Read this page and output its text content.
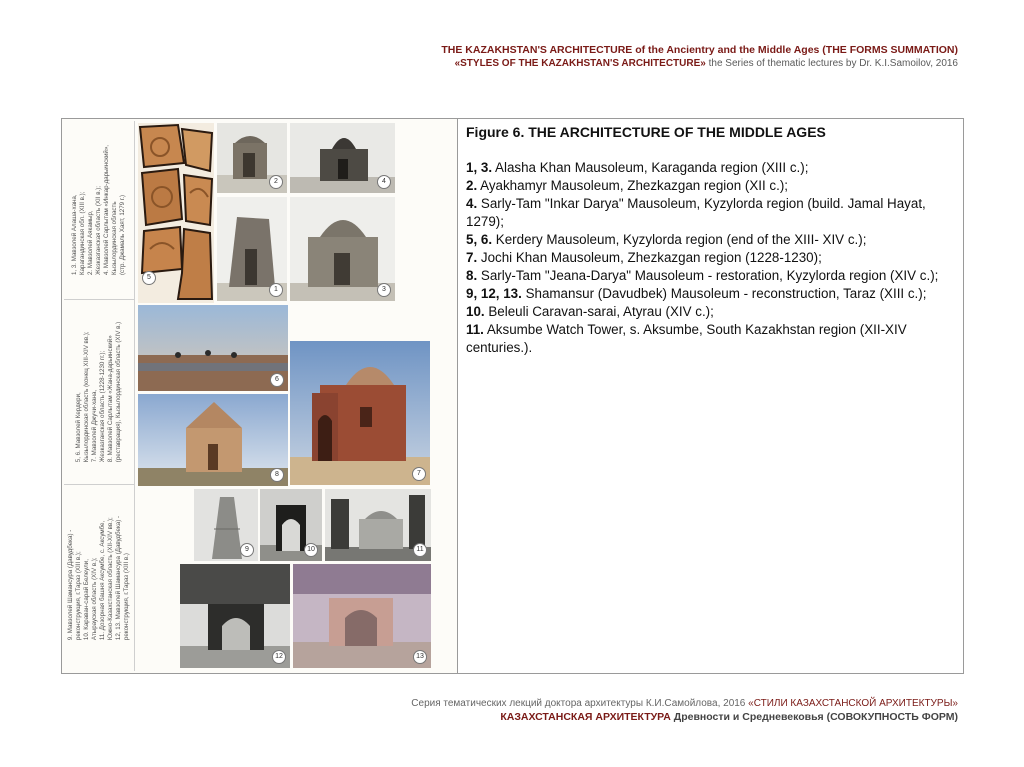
THE KAZAKHSTAN'S ARCHITECTURE of the Ancientry and the Middle Ages (THE FORMS SUMMATION)
«STYLES OF THE KAZAKHSTAN'S ARCHITECTURE» the Series of thematic lectures by Dr. K.I.Samoilov, 2016
1, 3. Мавзолей Алаша-хана,
Карагандинская обл. (XIII в.);
2. Мавзолей Аякамыр,
Жезказганская область (XII в.);
4. Мавзолей Сарлытам «Инкар-дарьинский»,
Кызылординская область
(стр. Джамаль Хаят, 1279 г.)
5, 6. Мавзолей Кердери,
Кызылординская область (конец XIII-XIV вв.);
7. Мавзолей Джучи-хана,
Жезказганская область (1228-1230 гг.);
8. Мавзолей Сарлытам «Жана-дарьинский»
(реставрация), Кызылординская область (XIV в.)
9. Мавзолей Шаманcура (Давудбека) -
реконструкция, г.Тараз (XIII в.);
10. Караван-сарай Белеули,
Атырауская область (XIV в.);
11. Дозорная башня Аксумбе, с. Аксумбе,
Южно-Казахстанская область (XII-XIV вв.);
12, 13. Мавзолей Шаманcура (Давудбека) -
реконструкция, г.Тараз (XIII в.)
5
2	4
1	3
6
7
8
9	10	11
12	13
Figure 6. THE ARCHITECTURE OF THE MIDDLE AGES
1, 3. Alasha Khan Mausoleum, Karaganda region (XIII c.);
2. Ayakhamyr Mausoleum, Zhezkazgan region (XII c.);
4. Sarly-Tam "Inkar Darya" Mausoleum, Kyzylorda region (build. Jamal Hayat, 1279);
5, 6. Kerdery Mausoleum, Kyzylorda region (end of the XIII- XIV c.);
7. Jochi Khan Mausoleum, Zhezkazgan region (1228-1230);
8. Sarly-Tam "Jeana-Darya" Mausoleum - restoration, Kyzylorda region (XIV c.);
9, 12, 13. Shamansur (Davudbek) Mausoleum - reconstruction, Taraz (XIII c.);
10. Beleuli Caravan-sarai, Atyrau (XIV c.);
11. Aksumbe Watch Tower, s. Aksumbe, South Kazakhstan region (XII-XIV centuries.).
Серия тематических лекций доктора архитектуры К.И.Самойлова, 2016 «СТИЛИ КАЗАХСТАНСКОЙ АРХИТЕКТУРЫ»
КАЗАХСТАНСКАЯ АРХИТЕКТУРА Древности и Средневековья (СОВОКУПНОСТЬ ФОРМ)
